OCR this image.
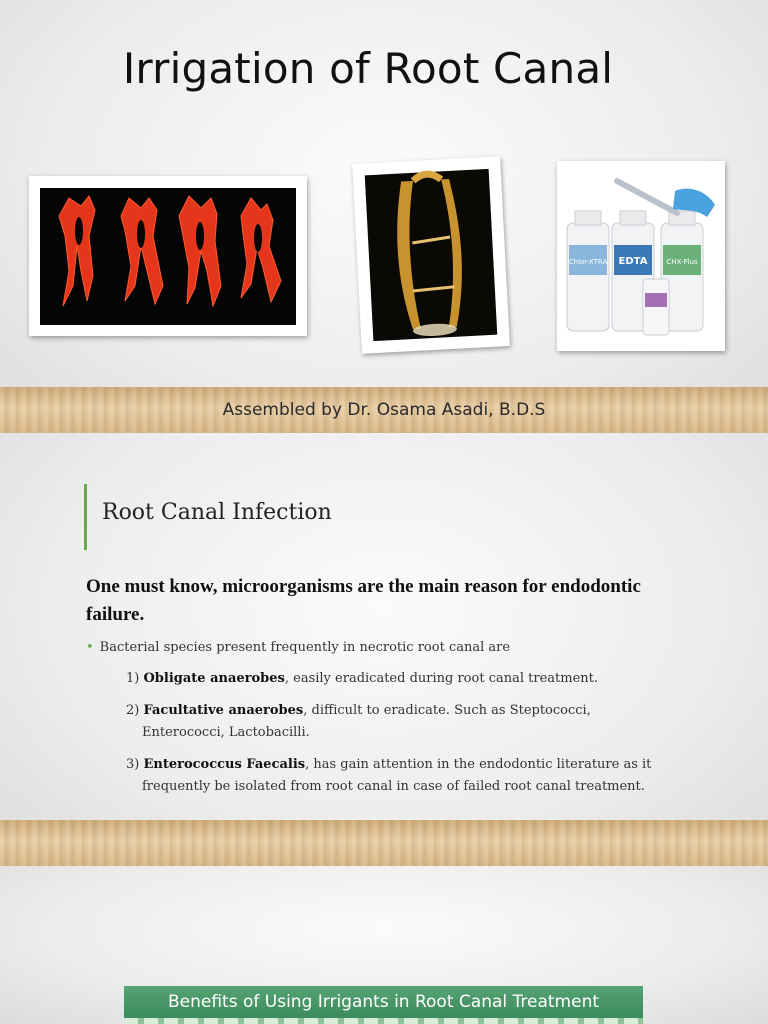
Irrigation of Root Canal
Chlor-XTRA EDTA	CHX-Plus
Assembled by Dr. Osama Asadi, B.D.S
Root Canal Infection
One must know, microorganisms are the main reason for endodontic failure.
• Bacterial species present frequently in necrotic root canal are
1) Obligate anaerobes, easily eradicated during root canal treatment.
2) Facultative anaerobes, difficult to eradicate. Such as Steptococci,
Enterococci, Lactobacilli.
3) Enterococcus Faecalis, has gain attention in the endodontic literature as it
frequently be isolated from root canal in case of failed root canal treatment.
Benefits of Using Irrigants in Root Canal Treatment
